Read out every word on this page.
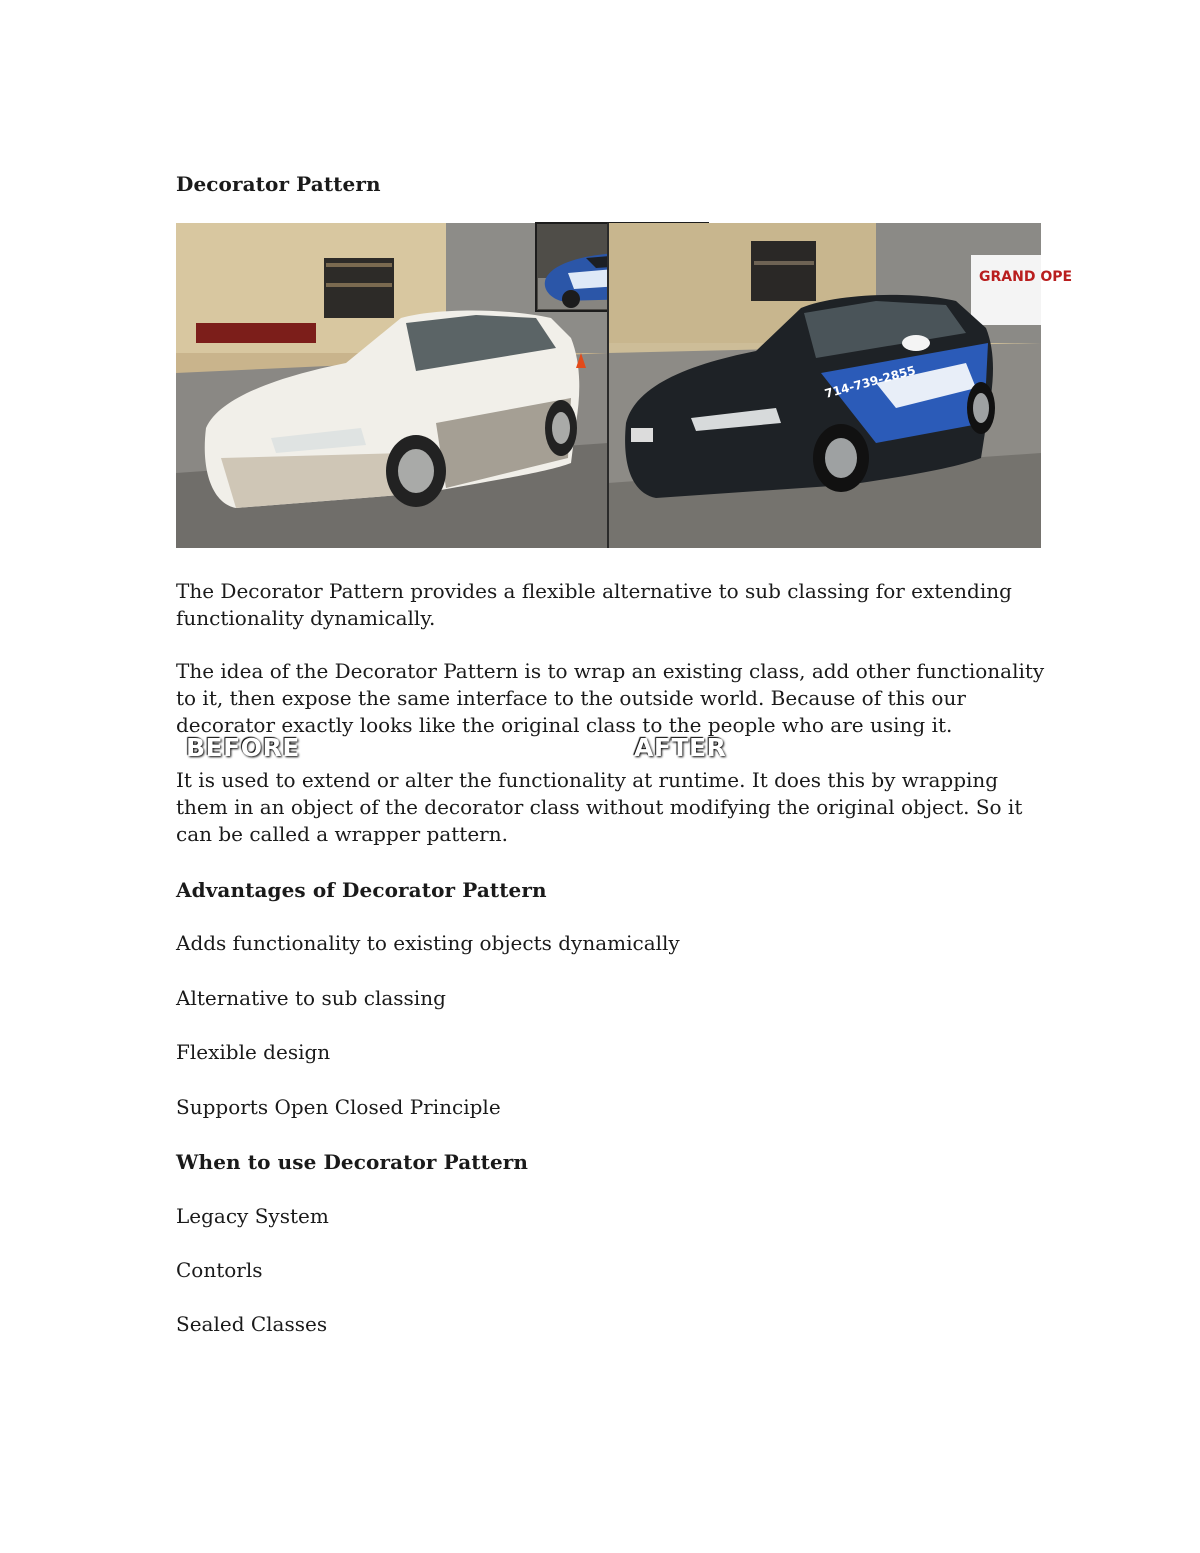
Decorator Pattern
GRAND OPE
714-739-2855
BEFORE	AFTER
The Decorator Pattern provides a flexible alternative to sub classing for extending functionality dynamically.
The idea of the Decorator Pattern is to wrap an existing class, add other functionality to it, then expose the same interface to the outside world. Because of this our decorator exactly looks like the original class to the people who are using it.
It is used to extend or alter the functionality at runtime. It does this by wrapping them in an object of the decorator class without modifying the original object. So it can be called a wrapper pattern.
Advantages of Decorator Pattern
Adds functionality to existing objects dynamically
Alternative to sub classing
Flexible design
Supports Open Closed Principle
When to use Decorator Pattern
Legacy System
Contorls
Sealed Classes
